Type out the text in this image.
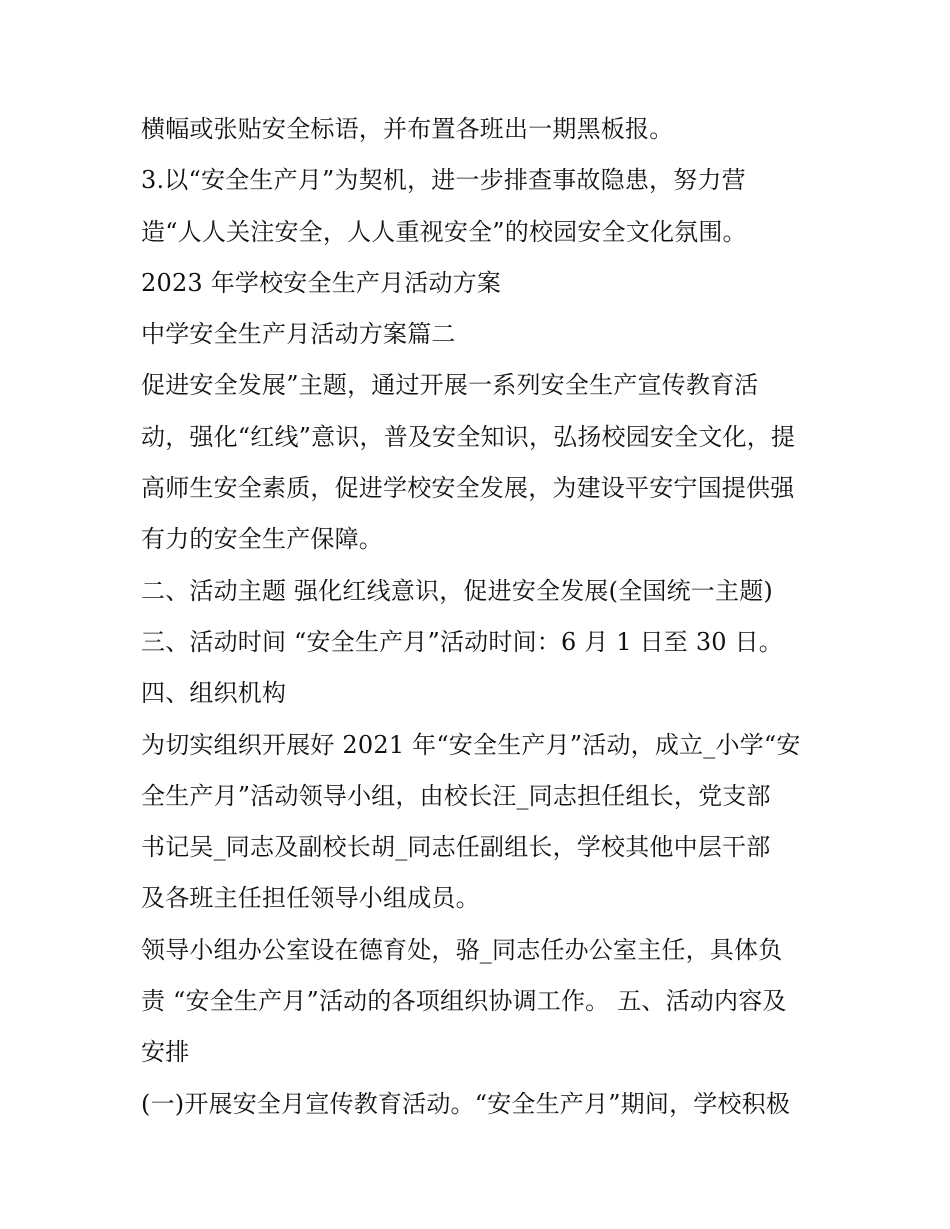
横幅或张贴安全标语，并布置各班出一期黑板报。
3.以“安全生产月”为契机，进一步排查事故隐患，努力营
造“人人关注安全，人人重视安全”的校园安全文化氛围。
2023 年学校安全生产月活动方案
中学安全生产月活动方案篇二
促进安全发展”主题，通过开展一系列安全生产宣传教育活
动，强化“红线”意识，普及安全知识，弘扬校园安全文化，提
高师生安全素质，促进学校安全发展，为建设平安宁国提供强
有力的安全生产保障。
二、活动主题 强化红线意识，促进安全发展(全国统一主题)
三、活动时间 “安全生产月”活动时间：6 月 1 日至 30 日。
四、组织机构
为切实组织开展好 2021 年“安全生产月”活动，成立_小学“安
全生产月”活动领导小组，由校长汪_同志担任组长，党支部
书记吴_同志及副校长胡_同志任副组长，学校其他中层干部
及各班主任担任领导小组成员。
领导小组办公室设在德育处，骆_同志任办公室主任，具体负
责 “安全生产月”活动的各项组织协调工作。 五、活动内容及
安排
(一)开展安全月宣传教育活动。“安全生产月”期间，学校积极
